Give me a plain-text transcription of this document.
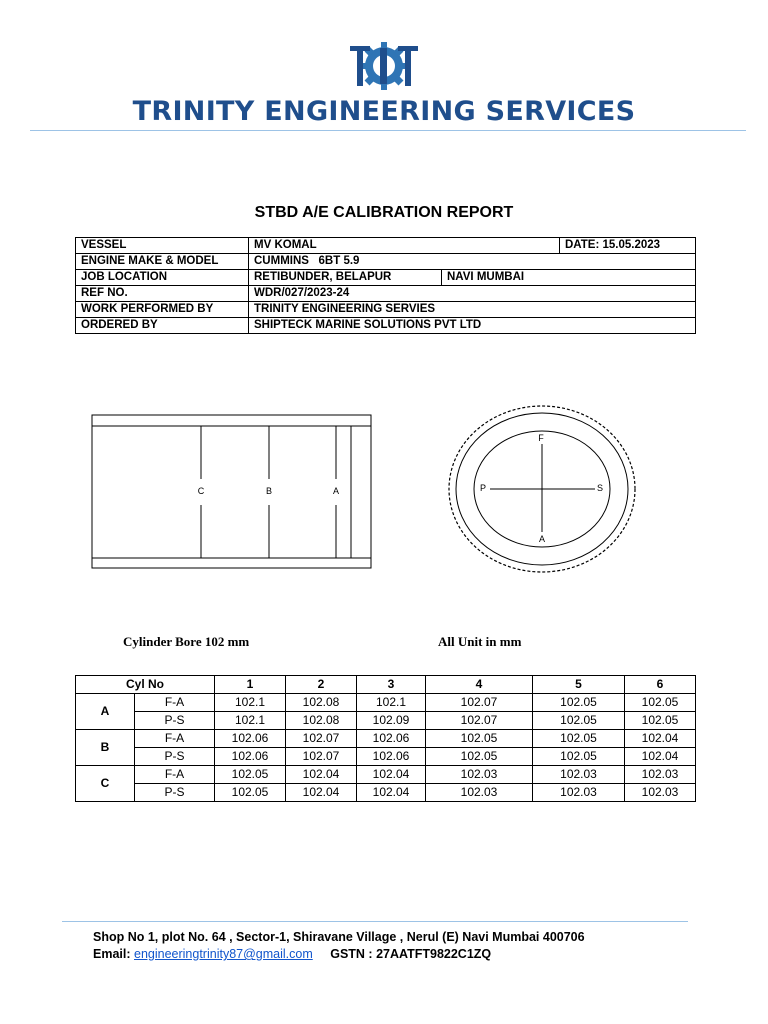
TRINITY ENGINEERING SERVICES
STBD A/E CALIBRATION REPORT
VESSEL	MV KOMAL		DATE: 15.05.2023
ENGINE MAKE & MODEL	CUMMINS   6BT 5.9		
JOB LOCATION	RETIBUNDER, BELAPUR	NAVI MUMBAI	
REF NO.	WDR/027/2023-24		
WORK PERFORMED BY	TRINITY ENGINEERING SERVIES		
ORDERED BY	SHIPTECK MARINE SOLUTIONS PVT LTD		
C	B	A
F
A
P	S
Cylinder Bore 102 mm	All Unit in mm
Cyl No		1	2	3	4	5	6
A	F-A	102.1	102.08	102.1	102.07	102.05	102.05
	P-S	102.1	102.08	102.09	102.07	102.05	102.05
B	F-A	102.06	102.07	102.06	102.05	102.05	102.04
	P-S	102.06	102.07	102.06	102.05	102.05	102.04
C	F-A	102.05	102.04	102.04	102.03	102.03	102.03
	P-S	102.05	102.04	102.04	102.03	102.03	102.03
Shop No 1, plot No. 64 , Sector-1, Shiravane Village , Nerul (E) Navi Mumbai 400706
Email: engineeringtrinity87@gmail.com GSTN : 27AATFT9822C1ZQ
